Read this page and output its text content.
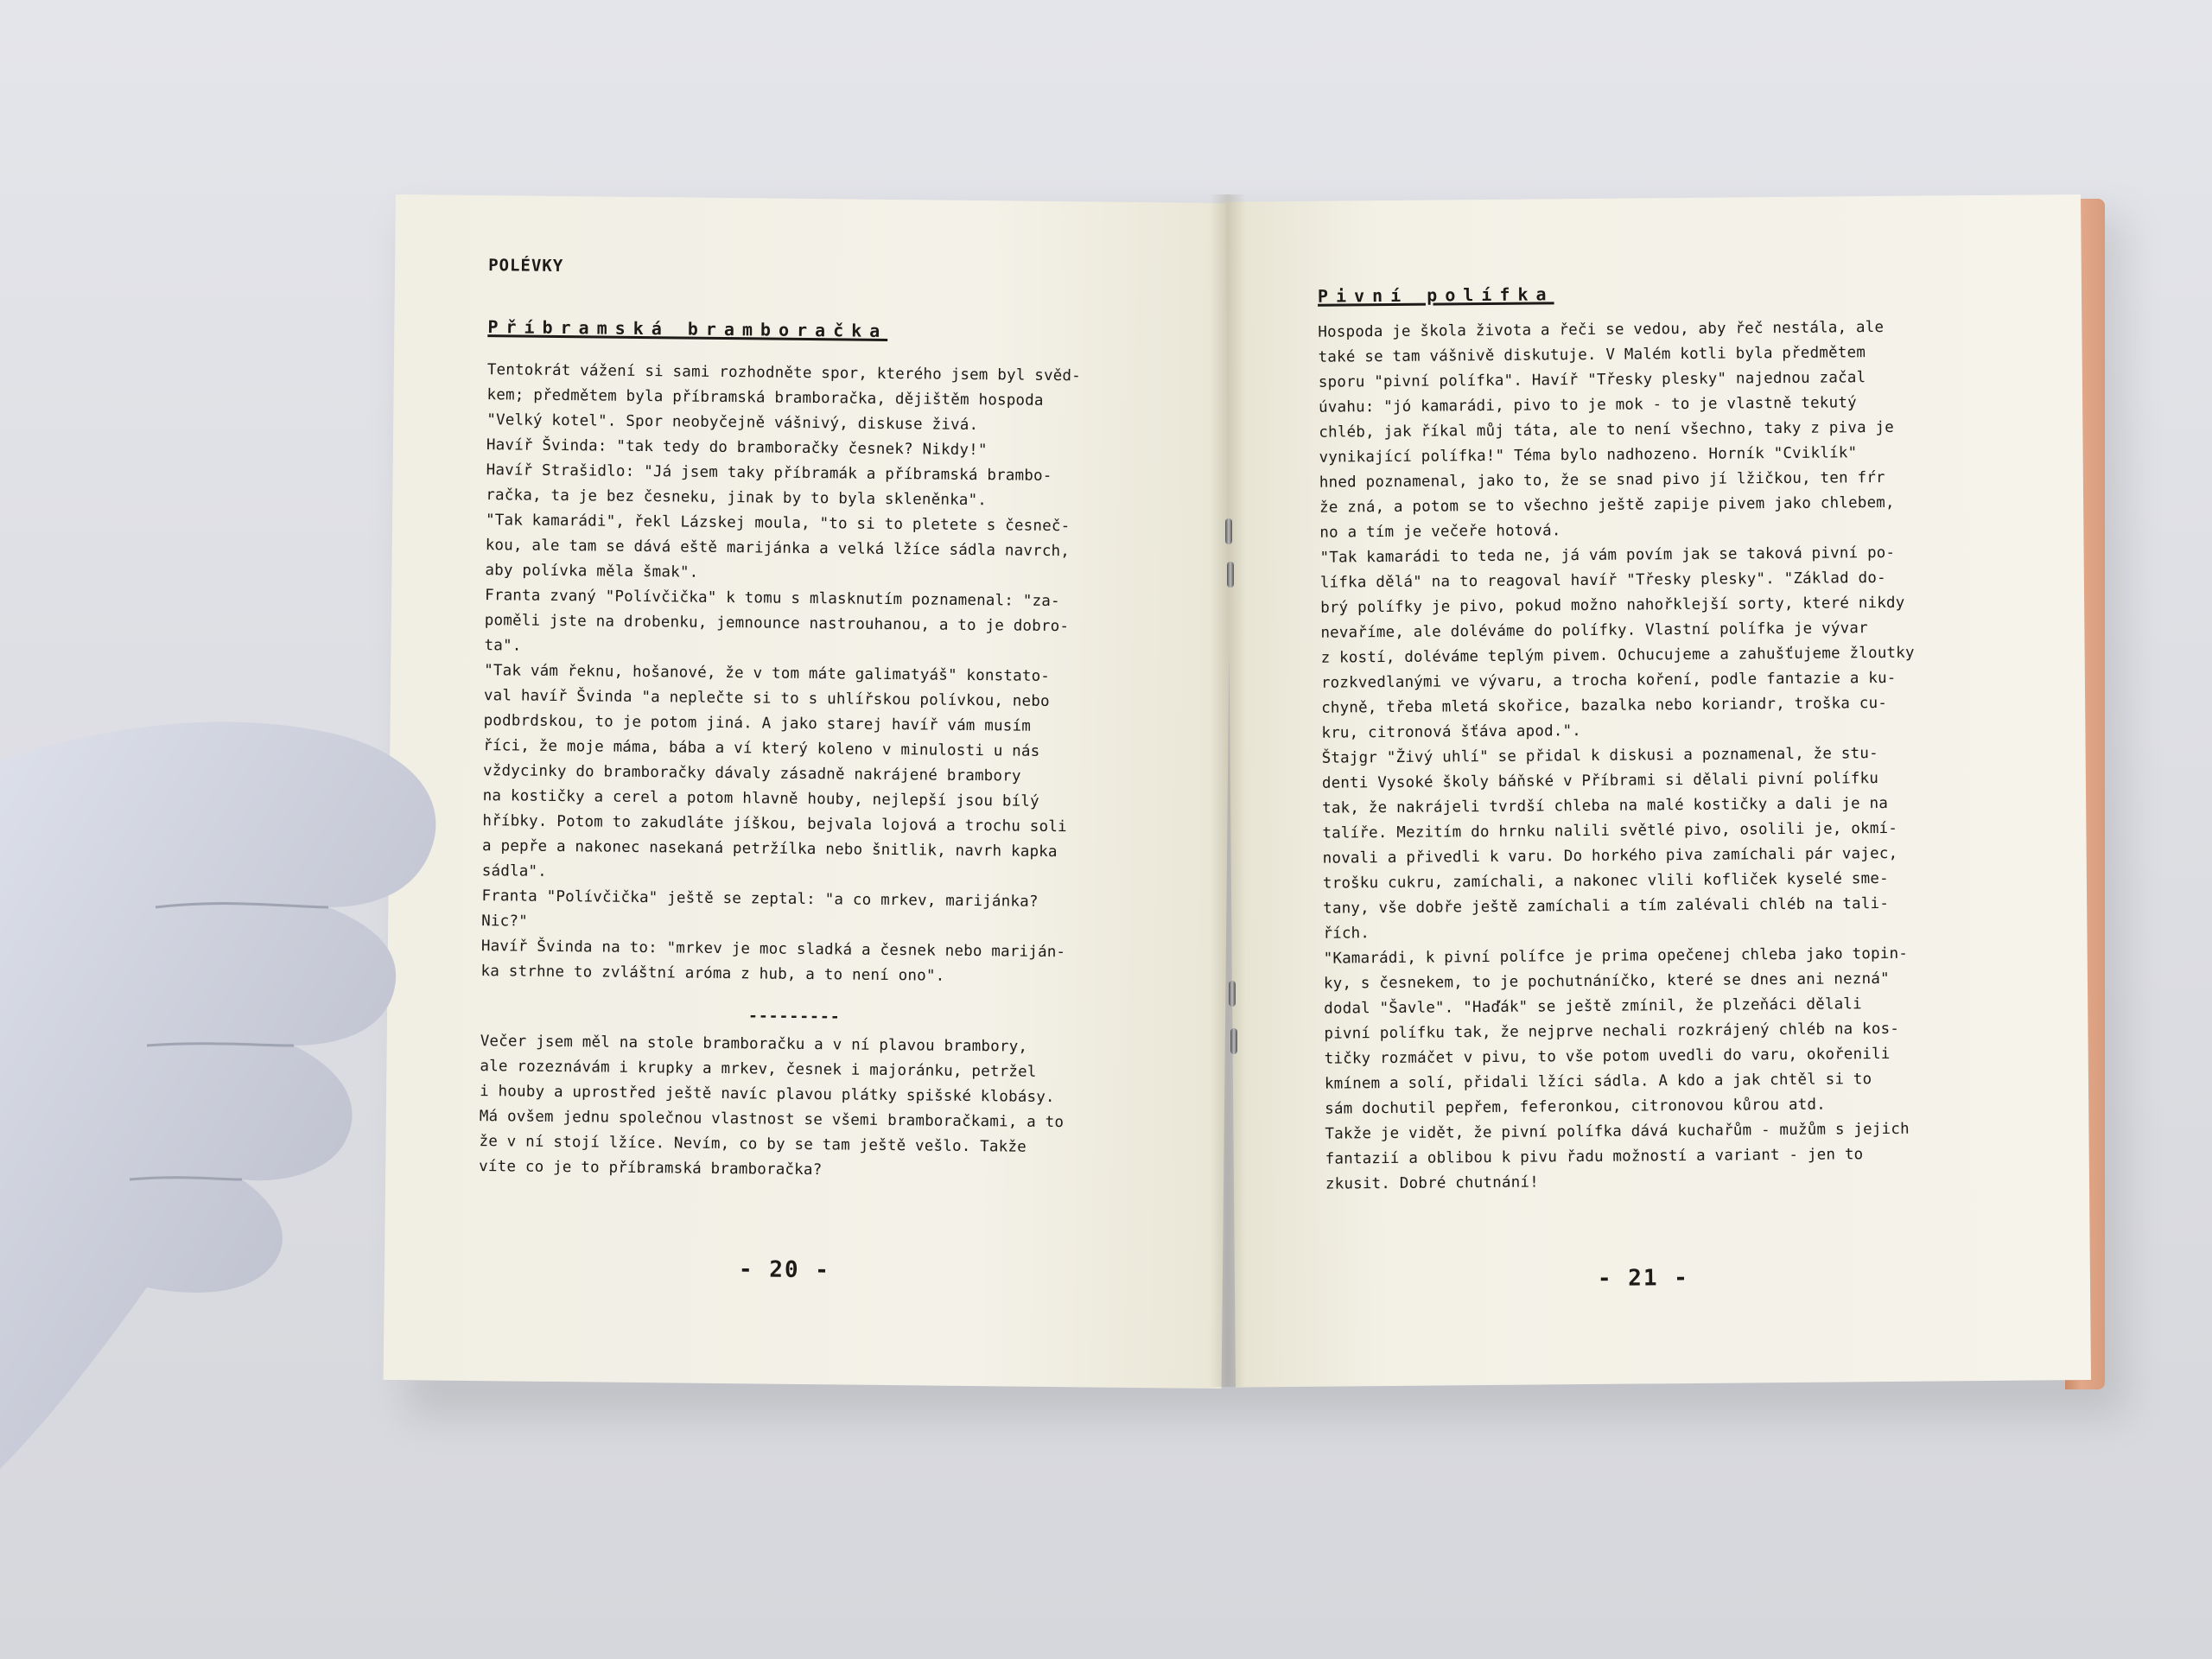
POLÉVKY
Příbramská bramboračka
Tentokrát vážení si sami rozhodněte spor, kterého jsem byl svěd-
kem; předmětem byla příbramská bramboračka, dějištěm hospoda
"Velký kotel". Spor neobyčejně vášnivý, diskuse živá.
Havíř Švinda: "tak tedy do bramboračky česnek? Nikdy!"
Havíř Strašidlo: "Já jsem taky příbramák a příbramská brambo-
račka, ta je bez česneku, jinak by to byla skleněnka".
"Tak kamarádi", řekl Lázskej moula, "to si to pletete s česneč-
kou, ale tam se dává eště marijánka a velká lžíce sádla navrch,
aby polívka měla šmak".
Franta zvaný "Polívčička" k tomu s mlasknutím poznamenal: "za-
poměli jste na drobenku, jemnounce nastrouhanou, a to je dobro-
ta".
"Tak vám řeknu, hošanové, že v tom máte galimatyáš" konstato-
val havíř Švinda "a neplečte si to s uhlířskou polívkou, nebo
podbrdskou, to je potom jiná. A jako starej havíř vám musím
říci, že moje máma, bába a ví který koleno v minulosti u nás
vždycinky do bramboračky dávaly zásadně nakrájené brambory
na kostičky a cerel a potom hlavně houby, nejlepší jsou bílý
hříbky. Potom to zakudláte jíškou, bejvala lojová a trochu soli
a pepře a nakonec nasekaná petržílka nebo šnitlik, navrh kapka
sádla".
Franta "Polívčička" ještě se zeptal: "a co mrkev, marijánka?
Nic?"
Havíř Švinda na to: "mrkev je moc sladká a česnek nebo mariján-
ka strhne to zvláštní aróma z hub, a to není ono".
---------
Večer jsem měl na stole bramboračku a v ní plavou brambory,
ale rozeznávám i krupky a mrkev, česnek i majoránku, petržel
i houby a uprostřed ještě navíc plavou plátky spišské klobásy.
Má ovšem jednu společnou vlastnost se všemi bramboračkami, a to
že v ní stojí lžíce. Nevím, co by se tam ještě vešlo. Takže
víte co je to příbramská bramboračka?
- 20 -
Pivní polífka
Hospoda je škola života a řeči se vedou, aby řeč nestála, ale
také se tam vášnivě diskutuje. V Malém kotli byla předmětem
sporu "pivní polífka". Havíř "Třesky plesky" najednou začal
úvahu: "jó kamarádi, pivo to je mok - to je vlastně tekutý
chléb, jak říkal můj táta, ale to není všechno, taky z piva je
vynikající polífka!" Téma bylo nadhozeno. Horník "Cviklík"
hned poznamenal, jako to, že se snad pivo jí lžičkou, ten fŕr
že zná, a potom se to všechno ještě zapije pivem jako chlebem,
no a tím je večeře hotová.
"Tak kamarádi to teda ne, já vám povím jak se taková pivní po-
lífka dělá" na to reagoval havíř "Třesky plesky". "Základ do-
brý polífky je pivo, pokud možno nahořklejší sorty, které nikdy
nevaříme, ale doléváme do polífky. Vlastní polífka je vývar
z kostí, doléváme teplým pivem. Ochucujeme a zahušťujeme žloutky
rozkvedlanými ve vývaru, a trocha koření, podle fantazie a ku-
chyně, třeba mletá skořice, bazalka nebo koriandr, troška cu-
kru, citronová šťáva apod.".
Štajgr "Živý uhlí" se přidal k diskusi a poznamenal, že stu-
denti Vysoké školy báňské v Příbrami si dělali pivní polífku
tak, že nakrájeli tvrdší chleba na malé kostičky a dali je na
talíře. Mezitím do hrnku nalili světlé pivo, osolili je, okmí-
novali a přivedli k varu. Do horkého piva zamíchali pár vajec,
trošku cukru, zamíchali, a nakonec vlili kofliček kyselé sme-
tany, vše dobře ještě zamíchali a tím zalévali chléb na tali-
řích.
"Kamarádi, k pivní polífce je prima opečenej chleba jako topin-
ky, s česnekem, to je pochutnáníčko, které se dnes ani nezná"
dodal "Šavle". "Haďák" se ještě zmínil, že plzeňáci dělali
pivní polífku tak, že nejprve nechali rozkrájený chléb na kos-
tičky rozmáčet v pivu, to vše potom uvedli do varu, okořenili
kmínem a solí, přidali lžíci sádla. A kdo a jak chtěl si to
sám dochutil pepřem, feferonkou, citronovou kůrou atd.
Takže je vidět, že pivní polífka dává kuchařům - mužům s jejich
fantazií a oblibou k pivu řadu možností a variant - jen to
zkusit. Dobré chutnání!
- 21 -
